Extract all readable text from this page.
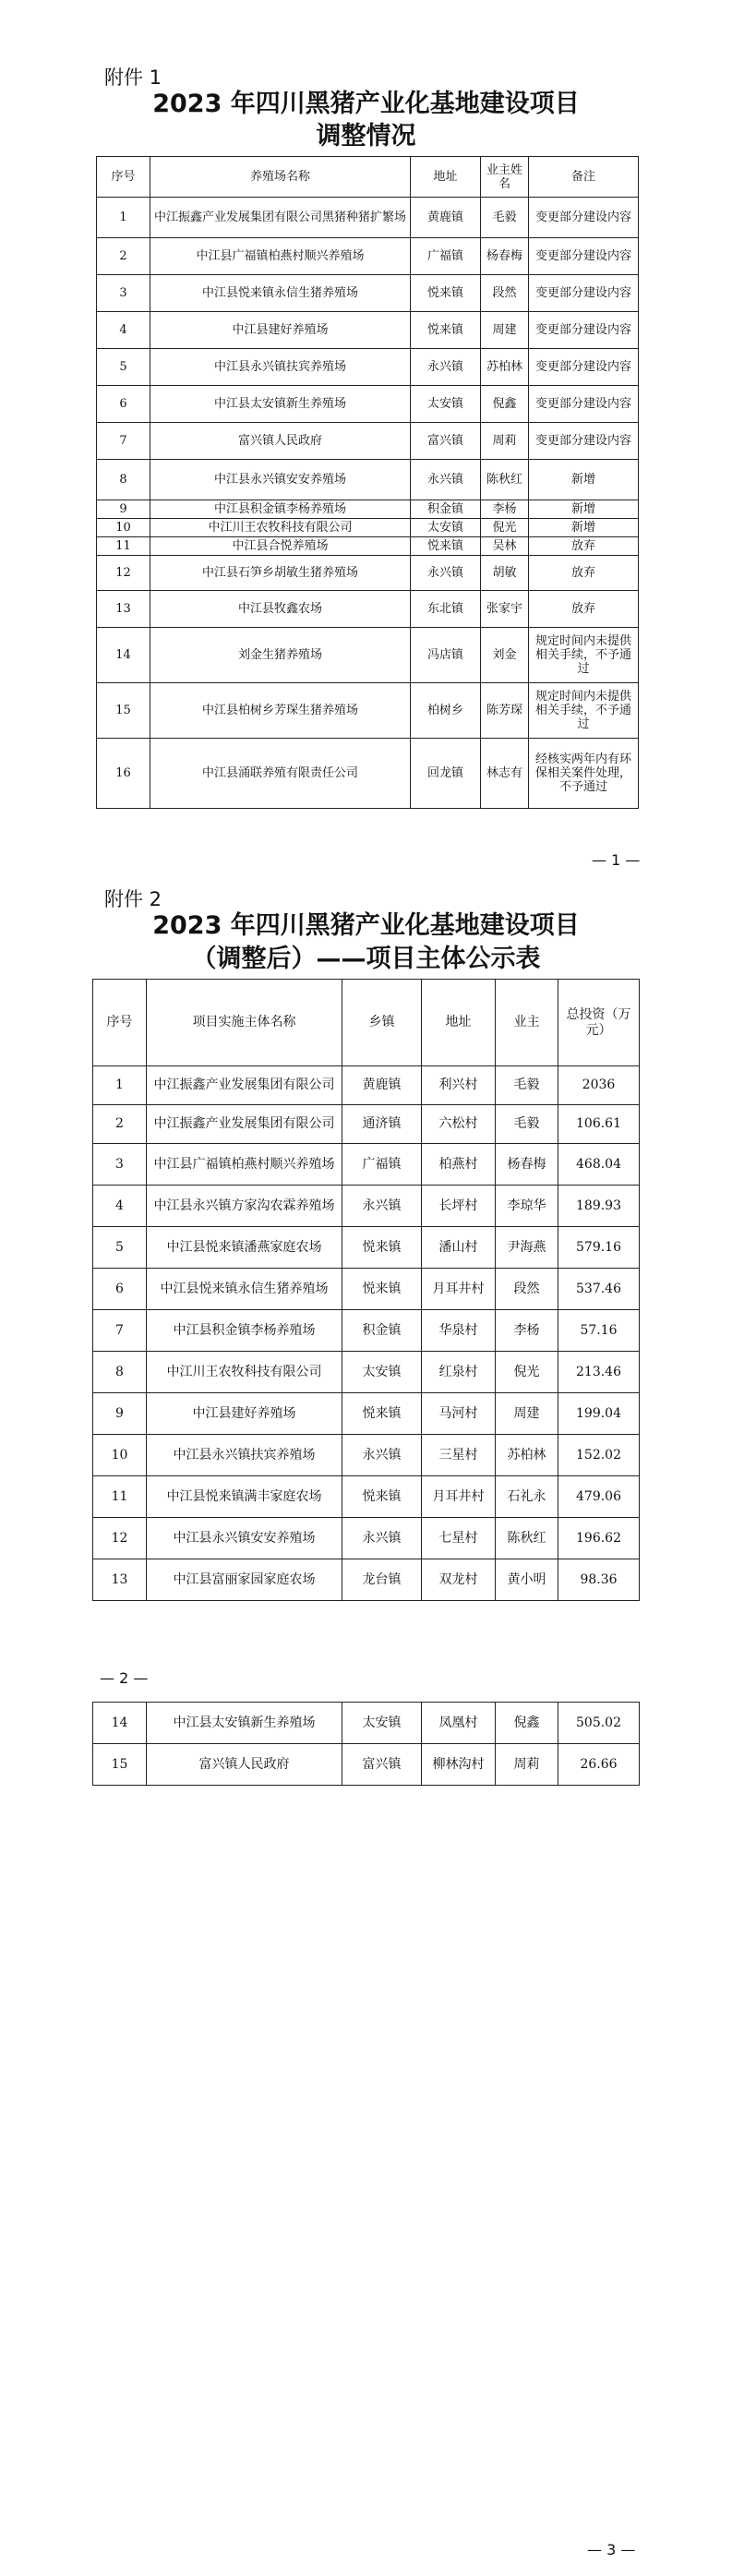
附件 1
2023 年四川黑猪产业化基地建设项目
调整情况
序号	养殖场名称	地址	业主姓名	备注
1	中江振鑫产业发展集团有限公司黑猪种猪扩繁场	黄鹿镇	毛毅	变更部分建设内容
2	中江县广福镇柏燕村顺兴养殖场	广福镇	杨春梅	变更部分建设内容
3	中江县悦来镇永信生猪养殖场	悦来镇	段然	变更部分建设内容
4	中江县建好养殖场	悦来镇	周建	变更部分建设内容
5	中江县永兴镇扶宾养殖场	永兴镇	苏柏林	变更部分建设内容
6	中江县太安镇新生养殖场	太安镇	倪鑫	变更部分建设内容
7	富兴镇人民政府	富兴镇	周莉	变更部分建设内容
8	中江县永兴镇安安养殖场	永兴镇	陈秋红	新增
9	中江县积金镇李杨养殖场	积金镇	李杨	新增
10	中江川王农牧科技有限公司	太安镇	倪光	新增
11	中江县合悦养殖场	悦来镇	吴林	放弃
12	中江县石笋乡胡敏生猪养殖场	永兴镇	胡敏	放弃
13	中江县牧鑫农场	东北镇	张家宇	放弃
14	刘金生猪养殖场	冯店镇	刘金	规定时间内未提供相关手续，不予通过
15	中江县柏树乡芳琛生猪养殖场	柏树乡	陈芳琛	规定时间内未提供相关手续，不予通过
16	中江县涌联养殖有限责任公司	回龙镇	林志有	经核实两年内有环保相关案件处理，不予通过
— 1 —
附件 2
2023 年四川黑猪产业化基地建设项目
（调整后）——项目主体公示表
序号	项目实施主体名称	乡镇	地址	业主	总投资（万元）
1	中江振鑫产业发展集团有限公司	黄鹿镇	利兴村	毛毅	2036
2	中江振鑫产业发展集团有限公司	通济镇	六松村	毛毅	106.61
3	中江县广福镇柏燕村顺兴养殖场	广福镇	柏燕村	杨春梅	468.04
4	中江县永兴镇方家沟农霖养殖场	永兴镇	长坪村	李琼华	189.93
5	中江县悦来镇潘燕家庭农场	悦来镇	潘山村	尹海燕	579.16
6	中江县悦来镇永信生猪养殖场	悦来镇	月耳井村	段然	537.46
7	中江县积金镇李杨养殖场	积金镇	华泉村	李杨	57.16
8	中江川王农牧科技有限公司	太安镇	红泉村	倪光	213.46
9	中江县建好养殖场	悦来镇	马河村	周建	199.04
10	中江县永兴镇扶宾养殖场	永兴镇	三星村	苏柏林	152.02
11	中江县悦来镇满丰家庭农场	悦来镇	月耳井村	石礼永	479.06
12	中江县永兴镇安安养殖场	永兴镇	七星村	陈秋红	196.62
13	中江县富丽家园家庭农场	龙台镇	双龙村	黄小明	98.36
— 2 —
14	中江县太安镇新生养殖场	太安镇	凤凰村	倪鑫	505.02
15	富兴镇人民政府	富兴镇	柳林沟村	周莉	26.66
— 3 —
